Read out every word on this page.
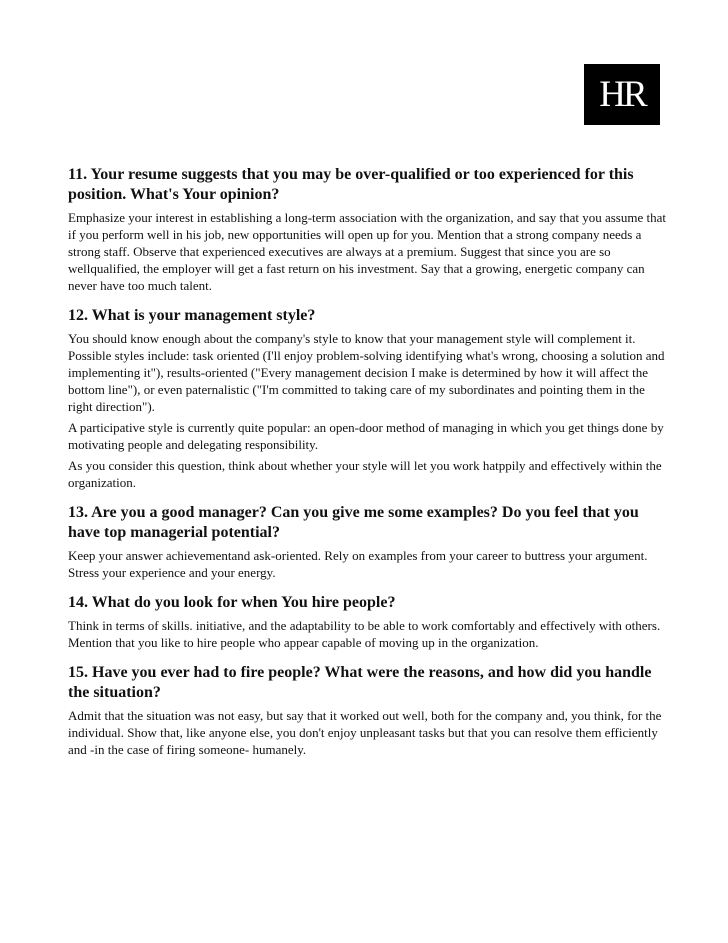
HR
11. Your resume suggests that you may be over-qualified or too experienced for this position. What's Your opinion?
Emphasize your interest in establishing a long-term association with the organization, and say that you assume that if you perform well in his job, new opportunities will open up for you. Mention that a strong company needs a strong staff. Observe that experienced executives are always at a premium. Suggest that since you are so wellqualified, the employer will get a fast return on his investment. Say that a growing, energetic company can never have too much talent.
12. What is your management style?
You should know enough about the company's style to know that your management style will complement it. Possible styles include: task oriented (I'll enjoy problem-solving identifying what's wrong, choosing a solution and implementing it"), results-oriented ("Every management decision I make is determined by how it will affect the bottom line"), or even paternalistic ("I'm committed to taking care of my subordinates and pointing them in the right direction").
A participative style is currently quite popular: an open-door method of managing in which you get things done by motivating people and delegating responsibility.
As you consider this question, think about whether your style will let you work hatppily and effectively within the organization.
13. Are you a good manager? Can you give me some examples? Do you feel that you have top managerial potential?
Keep your answer achievementand ask-oriented. Rely on examples from your career to buttress your argument. Stress your experience and your energy.
14. What do you look for when You hire people?
Think in terms of skills. initiative, and the adaptability to be able to work comfortably and effectively with others. Mention that you like to hire people who appear capable of moving up in the organization.
15. Have you ever had to fire people? What were the reasons, and how did you handle the situation?
Admit that the situation was not easy, but say that it worked out well, both for the company and, you think, for the individual. Show that, like anyone else, you don't enjoy unpleasant tasks but that you can resolve them efficiently and -in the case of firing someone- humanely.
